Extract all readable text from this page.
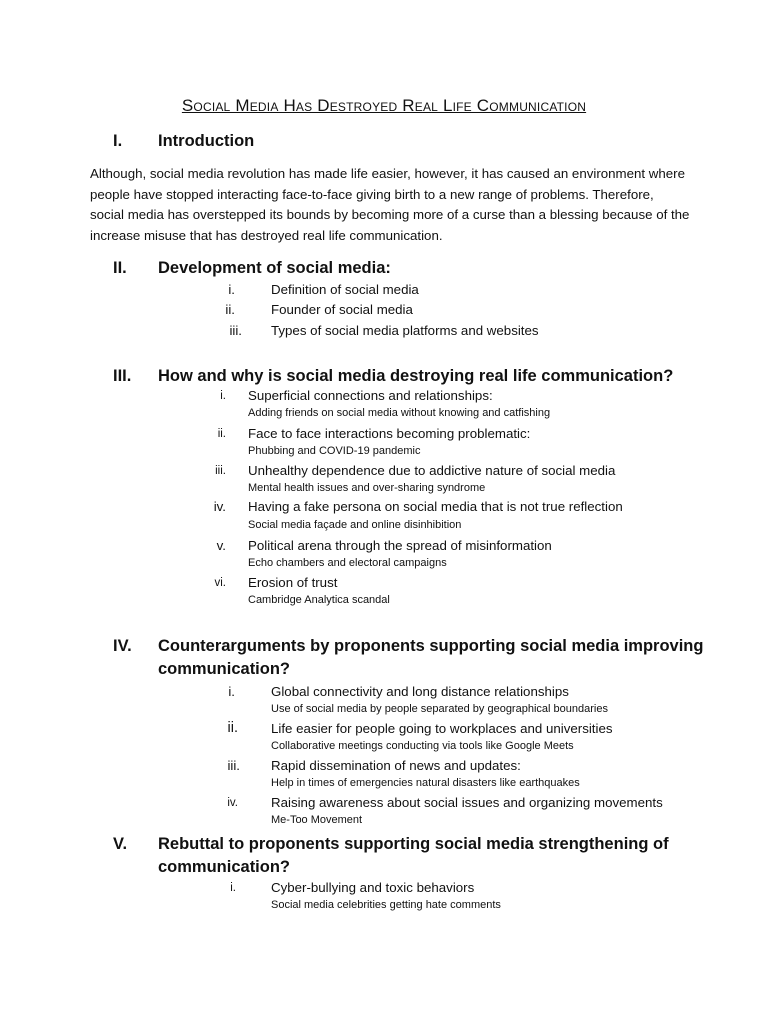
Social Media Has Destroyed Real Life Communication
I. Introduction
Although, social media revolution has made life easier, however, it has caused an environment where people have stopped interacting face-to-face giving birth to a new range of problems. Therefore, social media has overstepped its bounds by becoming more of a curse than a blessing because of the increase misuse that has destroyed real life communication.
II. Development of social media:
i.	Definition of social media
ii.	Founder of social media
iii. Types of social media platforms and websites
III. How and why is social media destroying real life communication?
i. Superficial connections and relationships:
Adding friends on social media without knowing and catfishing
ii. Face to face interactions becoming problematic:
Phubbing and COVID-19 pandemic
iii. Unhealthy dependence due to addictive nature of social media
Mental health issues and over-sharing syndrome
iv. Having a fake persona on social media that is not true reflection
Social media façade and online disinhibition
v. Political arena through the spread of misinformation
Echo chambers and electoral campaigns
vi. Erosion of trust
Cambridge Analytica scandal
IV. Counterarguments by proponents supporting social media improving
communication?
i.	Global connectivity and long distance relationships
Use of social media by people separated by geographical boundaries
ii. Life easier for people going to workplaces and universities
Collaborative meetings conducting via tools like Google Meets
iii. Rapid dissemination of news and updates:
Help in times of emergencies natural disasters like earthquakes
iv. Raising awareness about social issues and organizing movements
Me-Too Movement
V. Rebuttal to proponents supporting social media strengthening of
communication?
i.	Cyber-bullying and toxic behaviors
Social media celebrities getting hate comments
